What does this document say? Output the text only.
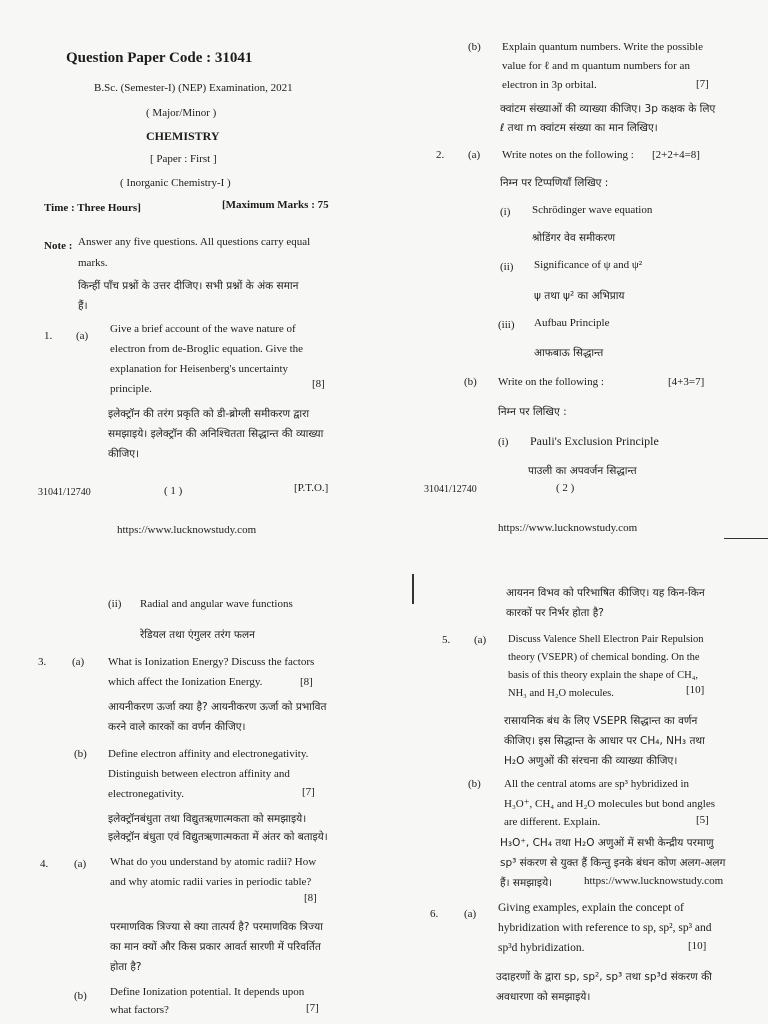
Question Paper Code : 31041
B.Sc. (Semester-I) (NEP) Examination, 2021
( Major/Minor )
CHEMISTRY
[ Paper : First ]
( Inorganic Chemistry-I )
Time : Three Hours]	[Maximum Marks : 75
Note : Answer any five questions. All questions carry equal
marks.
किन्हीं पाँच प्रश्नों के उत्तर दीजिए। सभी प्रश्नों के अंक समान
हैं।
1. (a)
Give a brief account of the wave nature of
electron from de-Broglic equation. Give the
explanation for Heisenberg's uncertainty
principle.	[8]
इलेक्ट्रॉन की तरंग प्रकृति को डी-ब्रोग्ली समीकरण द्वारा
समझाइये। इलेक्ट्रॉन की अनिश्चितता सिद्धान्त की व्याख्या
कीजिए।
31041/12740	( 1 )	[P.T.O.]
https://www.lucknowstudy.com
(b) Explain quantum numbers. Write the possible
value for ℓ and m quantum numbers for an
electron in 3p orbital.	[7]
क्वांटम संख्याओं की व्याख्या कीजिए। 3p कक्षक के लिए
ℓ तथा m क्वांटम संख्या का मान लिखिए।
2. (a) Write notes on the following : [2+2+4=8]
निम्न पर टिप्पणियाँ लिखिए :
(i) Schrödinger wave equation
श्रोडिंगर वेव समीकरण
(ii) Significance of ψ and ψ²
ψ तथा ψ² का अभिप्राय
(iii) Aufbau Principle
आफबाऊ सिद्धान्त
(b) Write on the following :	[4+3=7]
निम्न पर लिखिए :
(i) Pauli's Exclusion Principle
पाउली का अपवर्जन सिद्धान्त
31041/12740	( 2 )
https://www.lucknowstudy.com
(ii) Radial and angular wave functions
रेडियल तथा एंगुलर तरंग फलन
3. (a) What is Ionization Energy? Discuss the factors
which affect the Ionization Energy.	[8]
आयनीकरण ऊर्जा क्या है? आयनीकरण ऊर्जा को प्रभावित
करने वाले कारकों का वर्णन कीजिए।
(b) Define electron affinity and electronegativity.
Distinguish between electron affinity and
electronegativity.	[7]
इलेक्ट्रॉनबंधुता तथा विद्युतऋणात्मकता को समझाइये।
इलेक्ट्रॉन बंधुता एवं विद्युतऋणात्मकता में अंतर को बताइये।
4. (a) What do you understand by atomic radii? How
and why atomic radii varies in periodic table?
[8]
परमाणविक त्रिज्या से क्या तात्पर्य है? परमाणविक त्रिज्या
का मान क्यों और किस प्रकार आवर्त सारणी में परिवर्तित
होता है?
(b) Define Ionization potential. It depends upon
what factors?	[7]
आयनन विभव को परिभाषित कीजिए। यह किन-किन
कारकों पर निर्भर होता है?
5. (a) Discuss Valence Shell Electron Pair Repulsion
theory (VSEPR) of chemical bonding. On the
basis of this theory explain the shape of CH₄,
NH₃ and H₂O molecules.	[10]
रासायनिक बंध के लिए VSEPR सिद्धान्त का वर्णन
कीजिए। इस सिद्धान्त के आधार पर CH₄, NH₃ तथा
H₂O अणुओं की संरचना की व्याख्या कीजिए।
(b) All the central atoms are sp³ hybridized in
H₃O⁺, CH₄ and H₂O molecules but bond angles
are different. Explain.	[5]
H₃O⁺, CH₄ तथा H₂O अणुओं में सभी केन्द्रीय परमाणु
sp³ संकरण से युक्त हैं किन्तु इनके बंधन कोण अलग-अलग
हैं। समझाइये।	https://www.lucknowstudy.com
6. (a) Giving examples, explain the concept of
hybridization with reference to sp, sp², sp³ and
sp³d hybridization.	[10]
उदाहरणों के द्वारा sp, sp², sp³ तथा sp³d संकरण की
अवधारणा को समझाइये।
